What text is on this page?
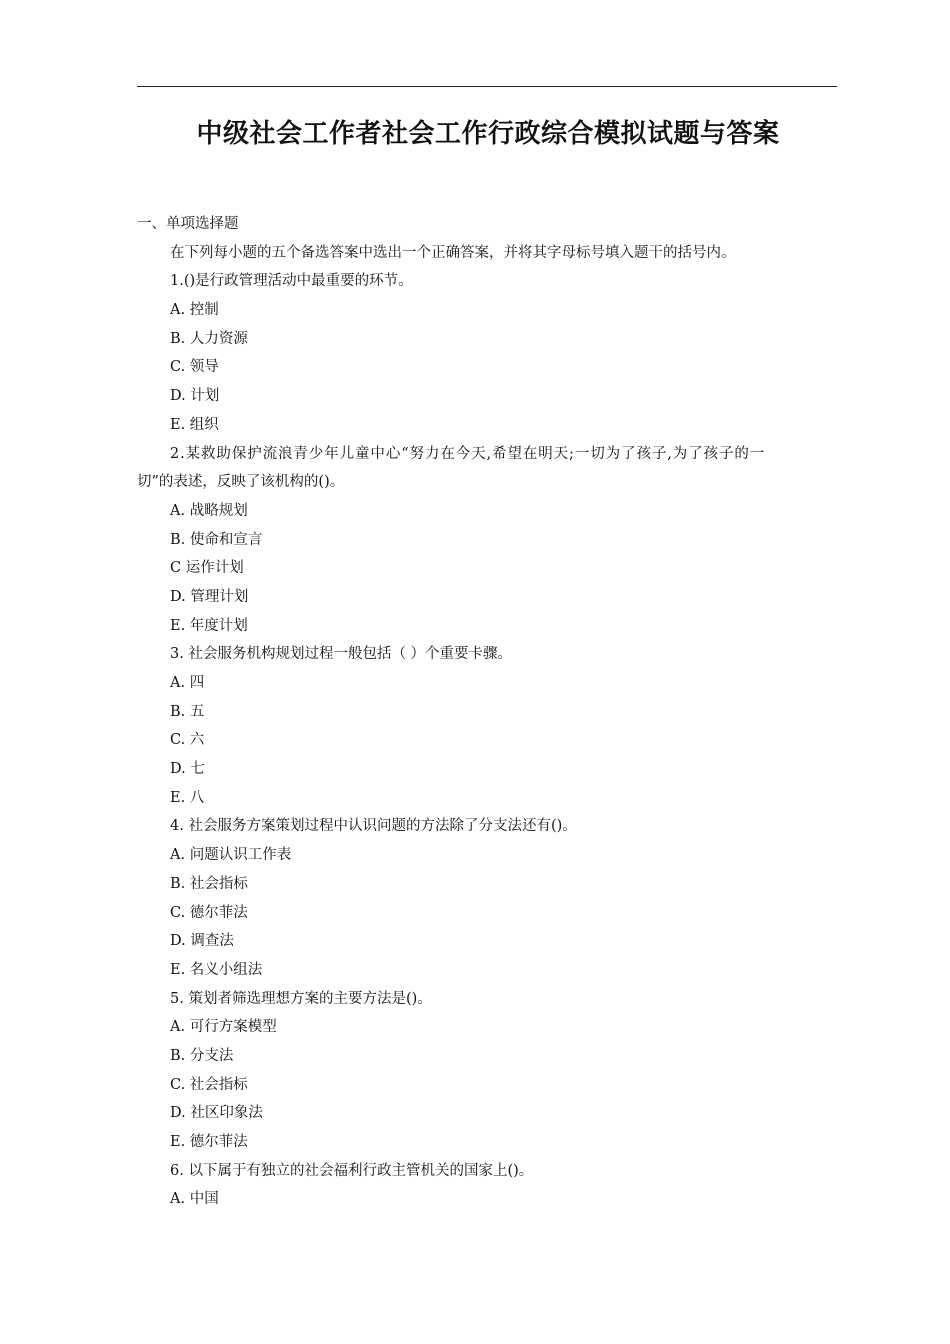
中级社会工作者社会工作行政综合模拟试题与答案
一、单项选择题
在下列每小题的五个备选答案中选出一个正确答案，并将其字母标号填入题干的括号内。
1.()是行政管理活动中最重要的环节。
A. 控制
B. 人力资源
C. 领导
D. 计划
E. 组织
2.某救助保护流浪青少年儿童中心“努力在今天,希望在明天;一切为了孩子,为了孩子的一
切”的表述，反映了该机构的()。
A. 战略规划
B. 使命和宣言
C 运作计划
D. 管理计划
E. 年度计划
3. 社会服务机构规划过程一般包括（ ）个重要卡骤。
A. 四
B. 五
C. 六
D. 七
E. 八
4. 社会服务方案策划过程中认识问题的方法除了分支法还有()。
A. 问题认识工作表
B. 社会指标
C. 德尔菲法
D. 调查法
E. 名义小组法
5. 策划者筛选理想方案的主要方法是()。
A. 可行方案模型
B. 分支法
C. 社会指标
D. 社区印象法
E. 德尔菲法
6. 以下属于有独立的社会福利行政主管机关的国家上()。
A. 中国
